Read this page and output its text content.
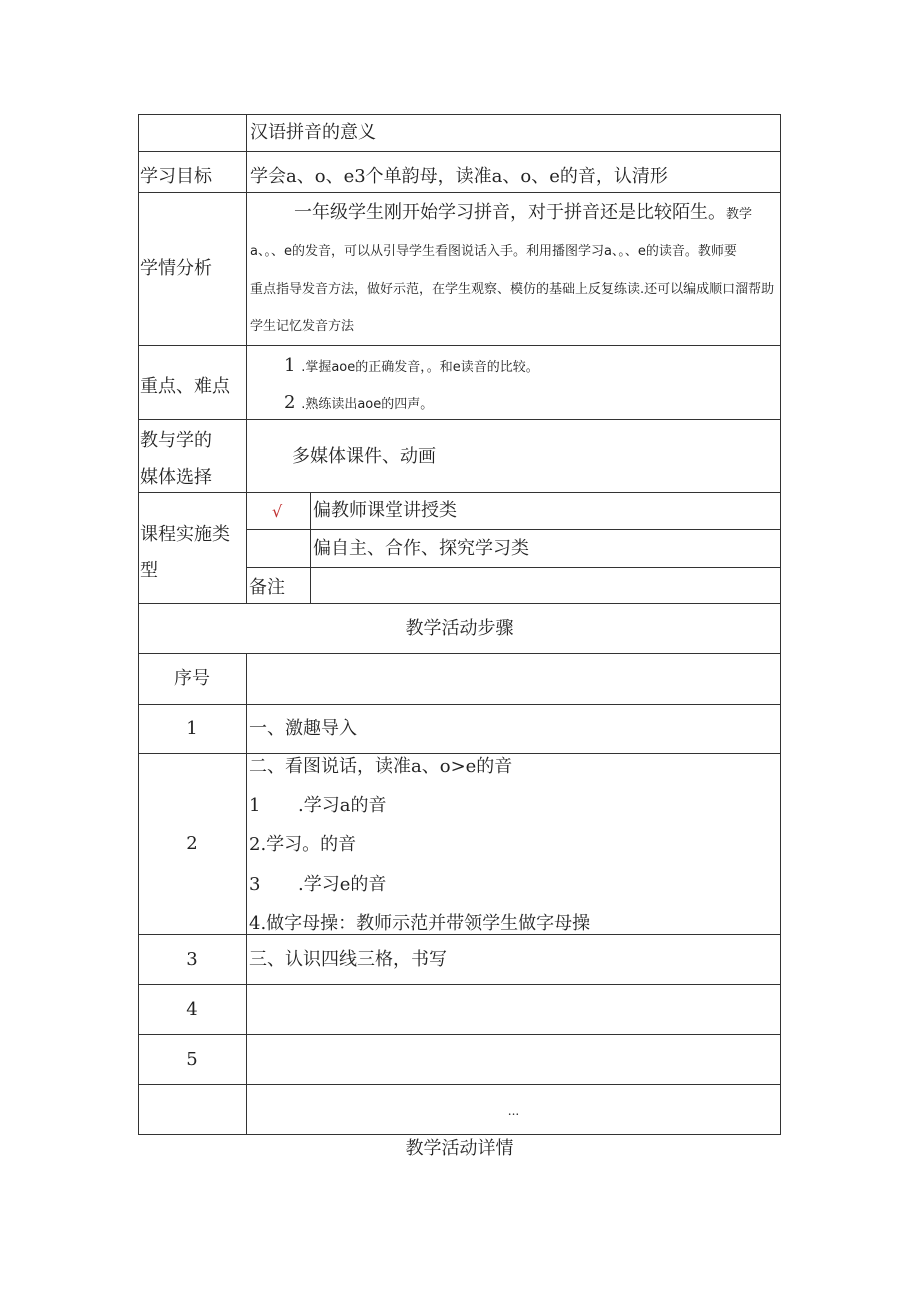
汉语拼音的意义
学习目标 学会a、o、e3个单韵母，读准a、o、e的音，认清形
学情分析
一年级学生刚开始学习拼音，对于拼音还是比较陌生。教学
a、。、e的发音，可以从引导学生看图说话入手。利用播图学习a、。、e的读音。教师要
重点指导发音方法，做好示范，在学生观察、模仿的基础上反复练读.还可以编成顺口溜帮助
学生记忆发音方法
重点、难点
1 .掌握aoe的正确发音，。和e读音的比较。
2 .熟练读出aoe的四声。
教与学的
媒体选择
多媒体课件、动画
课程实施类
型
√ 偏教师课堂讲授类
偏自主、合作、探究学习类
备注
教学活动步骤
序号
1	一、激趣导入
2
二、看图说话，读准a、o>e的音
1 .学习a的音
2.学习。的音
3 .学习e的音
4.做字母操：教师示范并带领学生做字母操
3	三、认识四线三格，书写
4
5
...
教学活动详情
